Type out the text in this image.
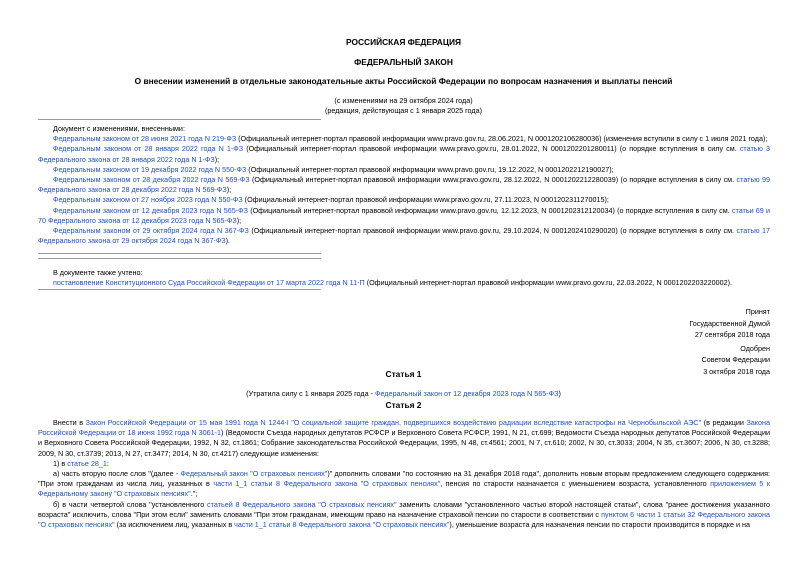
РОССИЙСКАЯ ФЕДЕРАЦИЯ
ФЕДЕРАЛЬНЫЙ ЗАКОН
О внесении изменений в отдельные законодательные акты Российской Федерации по вопросам назначения и выплаты пенсий
(с изменениями на 29 октября 2024 года)
(редакция, действующая с 1 января 2025 года)

Документ с изменениями, внесенными:

Федеральным законом от 28 июня 2021 года N 219-ФЗ (Официальный интернет-портал правовой информации www.pravo.gov.ru, 28.06.2021, N 0001202106280036) (изменения вступили в силу с 1 июля 2021 года);

Федеральным законом от 28 января 2022 года N 1-ФЗ (Официальный интернет-портал правовой информации www.pravo.gov.ru, 28.01.2022, N 0001202201280011) (о порядке вступления в силу см. статью 3 Федерального закона от 28 января 2022 года N 1-ФЗ);

Федеральным законом от 19 декабря 2022 года N 550-ФЗ (Официальный интернет-портал правовой информации www.pravo.gov.ru, 19.12.2022, N 0001202212190027);

Федеральным законом от 28 декабря 2022 года N 569-ФЗ (Официальный интернет-портал правовой информации www.pravo.gov.ru, 28.12.2022, N 0001202212280039) (о порядке вступления в силу см. статью 99 Федерального закона от 28 декабря 2022 года N 569-ФЗ);

Федеральным законом от 27 ноября 2023 года N 550-ФЗ (Официальный интернет-портал правовой информации www.pravo.gov.ru, 27.11.2023, N 0001202311270015);

Федеральным законом от 12 декабря 2023 года N 565-ФЗ (Официальный интернет-портал правовой информации www.pravo.gov.ru, 12.12.2023, N 0001202312120034) (о порядке вступления в силу см. статьи 69 и 70 Федерального закона от 12 декабря 2023 года N 565-ФЗ);

Федеральным законом от 29 октября 2024 года N 367-ФЗ (Официальный интернет-портал правовой информации www.pravo.gov.ru, 29.10.2024, N 0001202410290020) (о порядке вступления в силу см. статью 17 Федерального закона от 29 октября 2024 года N 367-ФЗ).

В документе также учтено:

постановление Конституционного Суда Российской Федерации от 17 марта 2022 года N 11-П (Официальный интернет-портал правовой информации www.pravo.gov.ru, 22.03.2022, N 0001202203220002).

Принят
Государственной Думой
27 сентября 2018 года
Одобрен
Советом Федерации
3 октября 2018 года
Статья 1
(Утратила силу с 1 января 2025 года - Федеральный закон от 12 декабря 2023 года N 565-ФЗ)
Статья 2

Внести в Закон Российской Федерации от 15 мая 1991 года N 1244-I "О социальной защите граждан, подвергшихся воздействию радиации вследствие катастрофы на Чернобыльской АЭС" (в редакции Закона Российской Федерации от 18 июня 1992 года N 3061-1) (Ведомости Съезда народных депутатов РСФСР и Верховного Совета РСФСР, 1991, N 21, ст.699; Ведомости Съезда народных депутатов Российской Федерации и Верховного Совета Российской Федерации, 1992, N 32, ст.1861; Собрание законодательства Российской Федерации, 1995, N 48, ст.4561; 2001, N 7, ст.610; 2002, N 30, ст.3033; 2004, N 35, ст.3607; 2006, N 30, ст.3288; 2009, N 30, ст.3739; 2013, N 27, ст.3477; 2014, N 30, ст.4217) следующие изменения:

1) в статье 28_1:

а) часть вторую после слов "(далее - Федеральный закон "О страховых пенсиях")" дополнить словами "по состоянию на 31 декабря 2018 года", дополнить новым вторым предложением следующего содержания: "При этом гражданам из числа лиц, указанных в части 1_1 статьи 8 Федерального закона "О страховых пенсиях", пенсия по старости назначается с уменьшением возраста, установленного приложением 5 к Федеральному закону "О страховых пенсиях".";

б) в части четвертой слова "установленного статьей 8 Федерального закона "О страховых пенсиях" заменить словами "установленного частью второй настоящей статьи", слова "ранее достижения указанного возраста" исключить, слова "При этом если" заменить словами "При этом гражданам, имеющим право на назначение страховой пенсии по старости в соответствии с пунктом 6 части 1 статьи 32 Федерального закона "О страховых пенсиях" (за исключением лиц, указанных в части 1_1 статьи 8 Федерального закона "О страховых пенсиях"), уменьшение возраста для назначения пенсии по старости производится в порядке и на
